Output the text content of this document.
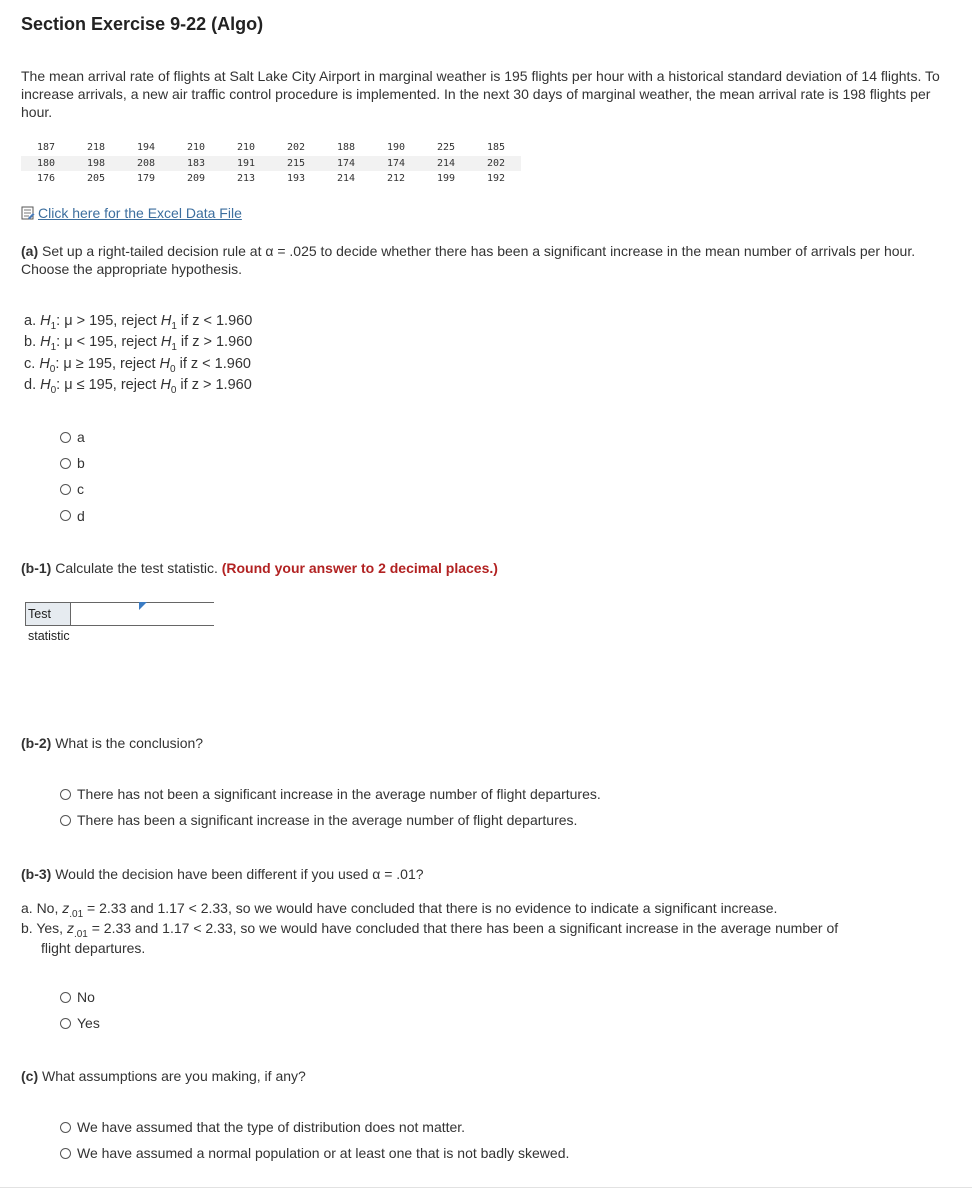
Section Exercise 9-22 (Algo)
The mean arrival rate of flights at Salt Lake City Airport in marginal weather is 195 flights per hour with a historical standard deviation of 14 flights. To increase arrivals, a new air traffic control procedure is implemented. In the next 30 days of marginal weather, the mean arrival rate is 198 flights per hour.
187	218	194	210	210	202	188	190	225	185
180	198	208	183	191	215	174	174	214	202
176	205	179	209	213	193	214	212	199	192
Click here for the Excel Data File
(a) Set up a right-tailed decision rule at α = .025 to decide whether there has been a significant increase in the mean number of arrivals per hour. Choose the appropriate hypothesis.
a. $H_1$: μ > 195, reject $H_1$ if z < 1.960
b. $H_1$: μ < 195, reject $H_1$ if z > 1.960
c. $H_0$: μ ≥ 195, reject $H_0$ if z < 1.960
d. $H_0$: μ ≤ 195, reject $H_0$ if z > 1.960
a
b
c
d
(b-1) Calculate the test statistic. (Round your answer to 2 decimal places.)
Test statistic
(b-2) What is the conclusion?
There has not been a significant increase in the average number of flight departures.
There has been a significant increase in the average number of flight departures.
(b-3) Would the decision have been different if you used α = .01?
a. No, $z_{.01} = 2.33$ and 1.17 < 2.33, so we would have concluded that there is no evidence to indicate a significant increase.
b. Yes, $z_{.01} = 2.33$ and 1.17 < 2.33, so we would have concluded that there has been a significant increase in the average number of
flight departures.
No
Yes
(c) What assumptions are you making, if any?
We have assumed that the type of distribution does not matter.
We have assumed a normal population or at least one that is not badly skewed.
